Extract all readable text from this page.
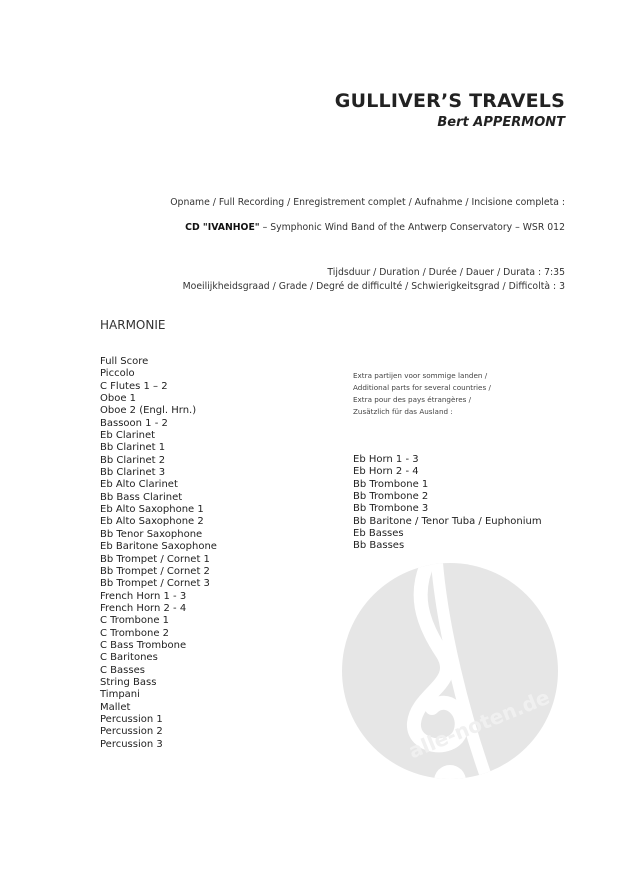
GULLIVER’S TRAVELS
Bert APPERMONT
Opname / Full Recording / Enregistrement complet / Aufnahme / Incisione completa :
CD "IVANHOE" – Symphonic Wind Band of the Antwerp Conservatory – WSR 012
Tijdsduur / Duration / Durée / Dauer / Durata : 7:35
Moeilijkheidsgraad / Grade / Degré de difficulté / Schwierigkeitsgrad / Difficoltà : 3
HARMONIE
alle-noten.de
Full Score
Piccolo
C Flutes 1 – 2
Oboe 1
Oboe 2 (Engl. Hrn.)
Bassoon 1 - 2
Eb Clarinet
Bb Clarinet 1
Bb Clarinet 2
Bb Clarinet 3
Eb Alto Clarinet
Bb Bass Clarinet
Eb Alto Saxophone 1
Eb Alto Saxophone 2
Bb Tenor Saxophone
Eb Baritone Saxophone
Bb Trompet / Cornet 1
Bb Trompet / Cornet 2
Bb Trompet / Cornet 3
French Horn 1 - 3
French Horn 2 - 4
C Trombone 1
C Trombone 2
C Bass Trombone
C Baritones
C Basses
String Bass
Timpani
Mallet
Percussion 1
Percussion 2
Percussion 3
Extra partijen voor sommige landen /
Additional parts for several countries /
Extra pour des pays étrangères /
Zusätzlich für das Ausland :
Eb Horn 1 - 3
Eb Horn 2 - 4
Bb Trombone 1
Bb Trombone 2
Bb Trombone 3
Bb Baritone / Tenor Tuba / Euphonium
Eb Basses
Bb Basses
